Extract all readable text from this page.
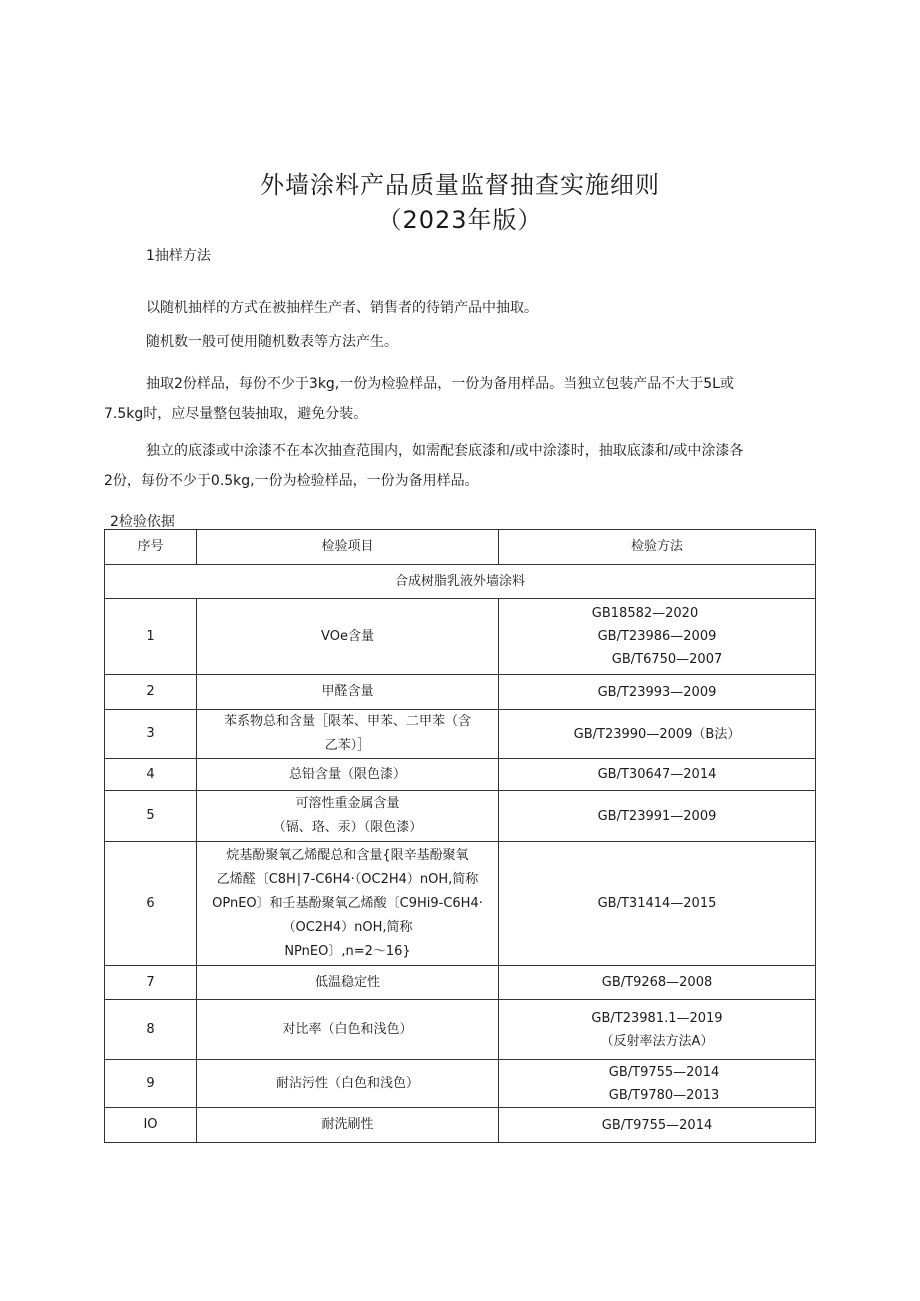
外墙涂料产品质量监督抽查实施细则
（2023年版）
1抽样方法
以随机抽样的方式在被抽样生产者、销售者的待销产品中抽取。
随机数一般可使用随机数表等方法产生。
抽取2份样品，每份不少于3kg,一份为检验样品，一份为备用样品。当独立包装产品不大于5L或
7.5kg时，应尽量整包装抽取，避免分装。
独立的底漆或中涂漆不在本次抽查范围内，如需配套底漆和/或中涂漆时，抽取底漆和/或中涂漆各
2份，每份不少于0.5kg,一份为检验样品，一份为备用样品。
2检验依据
序号	检验项目	检验方法
合成树脂乳液外墙涂料		
1	VOe含量	GB18582—2020
GB/T23986—2009
GB/T6750—2007

2	甲醛含量	GB/T23993—2009

3	苯系物总和含量［限苯、甲苯、二甲苯（含
乙苯）］	GB/T23990—2009（B法）

4	总铅含量（限色漆）	GB/T30647—2014

5	可溶性重金属含量
（镉、珞、汞）（限色漆）	GB/T23991—2009

6	烷基酚聚氧乙烯醍总和含量{限辛基酚聚氧
乙烯醛〔C8H∣7-C6H4·（OC2H4）nOH,简称
OPnEO〕和壬基酚聚氧乙烯酸〔C9Hi9-C6H4·
（OC2H4）nOH,简称
NPnEO〕,n=2～16}	GB/T31414—2015

7	低温稳定性	GB/T9268—2008

8	对比率（白色和浅色）	GB/T23981.1—2019
（反射率法方法A）

9	耐沾污性（白色和浅色）	GB/T9755—2014
GB/T9780—2013

IO	耐洗刷性	GB/T9755—2014
